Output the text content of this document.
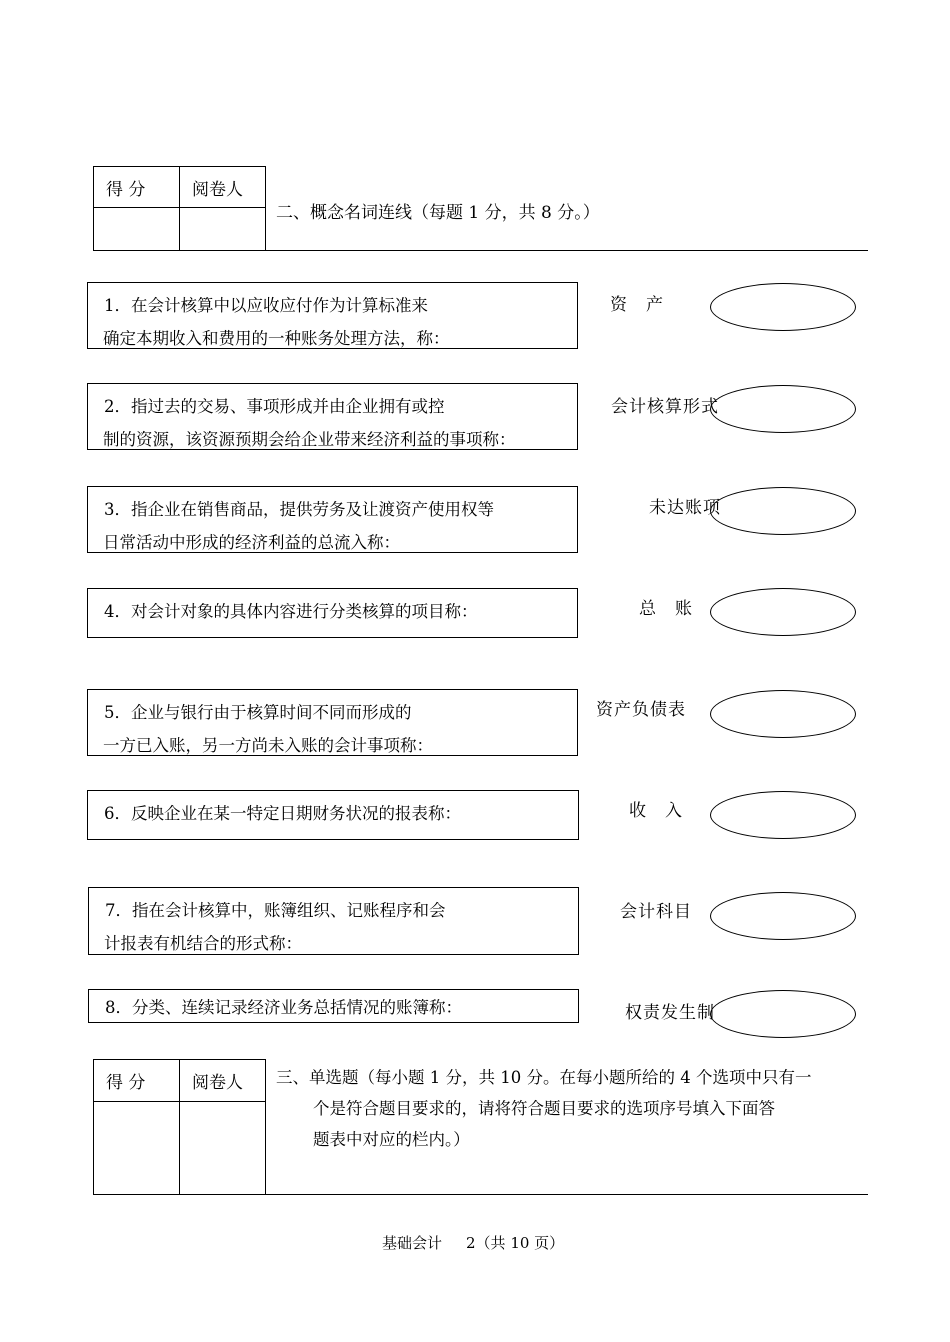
得 分	阅卷人

二、概念名词连线（每题 1 分，共 8 分。）
1．在会计核算中以应收应付作为计算标准来
确定本期收入和费用的一种账务处理方法，称：
2．指过去的交易、事项形成并由企业拥有或控
制的资源，该资源预期会给企业带来经济利益的事项称：
3．指企业在销售商品，提供劳务及让渡资产使用权等
日常活动中形成的经济利益的总流入称：
4．对会计对象的具体内容进行分类核算的项目称：
5．企业与银行由于核算时间不同而形成的
一方已入账，另一方尚未入账的会计事项称：
6．反映企业在某一特定日期财务状况的报表称：
7．指在会计核算中，账簿组织、记账程序和会
计报表有机结合的形式称：
8．分类、连续记录经济业务总括情况的账簿称：
资　产
会计核算形式
未达账项
总　账
资产负债表
收　入
会计科目
权责发生制
得 分	阅卷人
	三、单选题（每小题 1 分，共 10 分。在每小题所给的 4 个选项中只有一
个是符合题目要求的，请将符合题目要求的选项序号填入下面答
题表中对应的栏内。）
基础会计 2（共 10 页）
